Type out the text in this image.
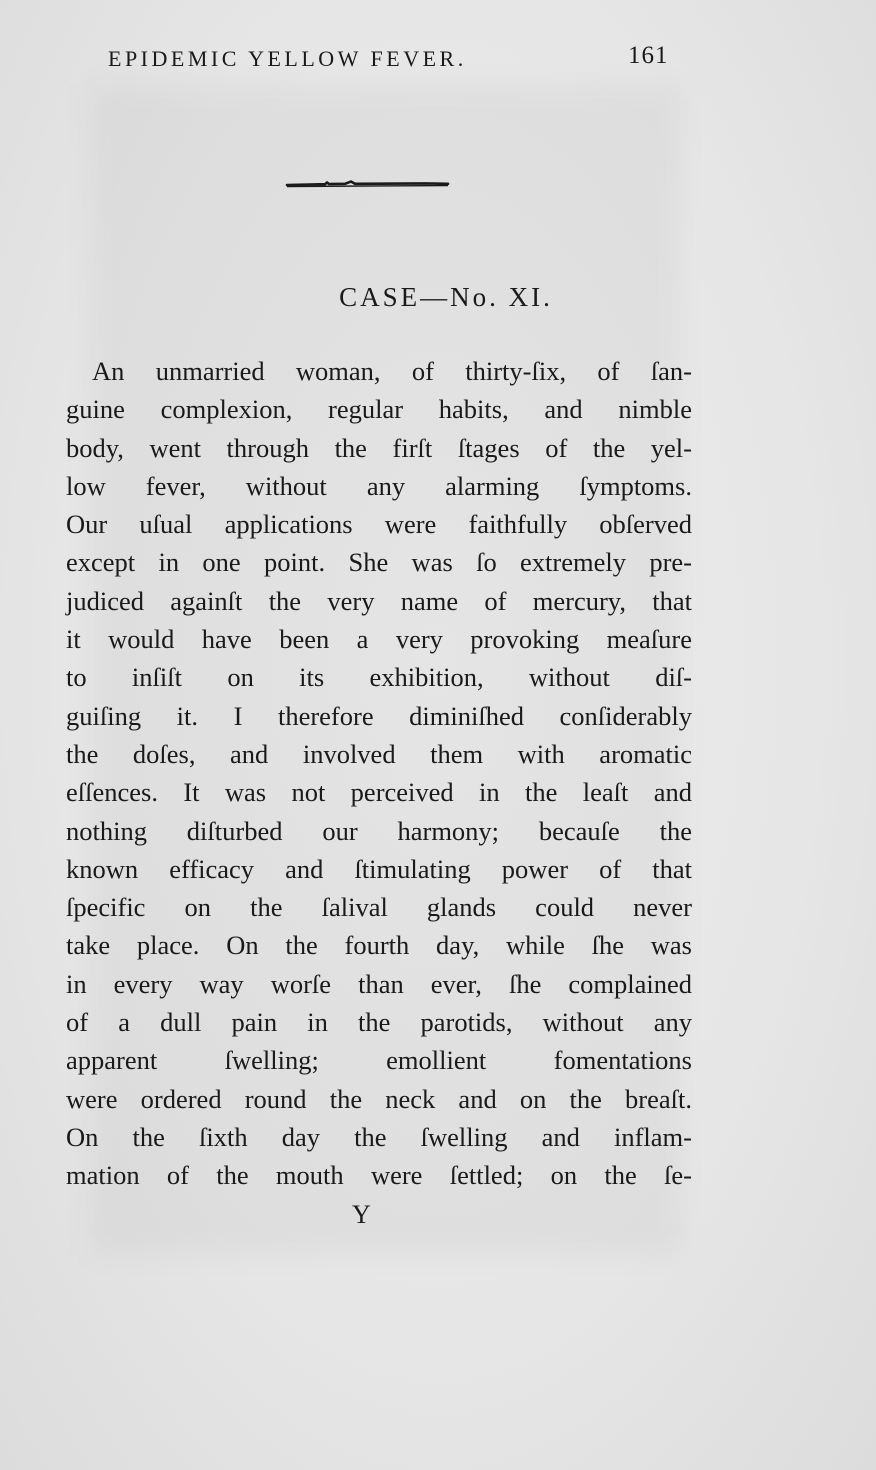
EPIDEMIC YELLOW FEVER.	161
CASE—No. XI.
An unmarried woman, of thirty-ſix, of ſan-
guine complexion, regular habits, and nimble
body, went through the firſt ſtages of the yel-
low fever, without any alarming ſymptoms.
Our uſual applications were faithfully obſerved
except in one point. She was ſo extremely pre-
judiced againſt the very name of mercury, that
it would have been a very provoking meaſure
to inſiſt on its exhibition, without diſ-
guiſing it. I therefore diminiſhed conſiderably
the doſes, and involved them with aromatic
eſſences. It was not perceived in the leaſt and
nothing diſturbed our harmony; becauſe the
known efficacy and ſtimulating power of that
ſpecific on the ſalival glands could never
take place. On the fourth day, while ſhe was
in every way worſe than ever, ſhe complained
of a dull pain in the parotids, without any
apparent ſwelling; emollient fomentations
were ordered round the neck and on the breaſt.
On the ſixth day the ſwelling and inflam-
mation of the mouth were ſettled; on the ſe-
Y
